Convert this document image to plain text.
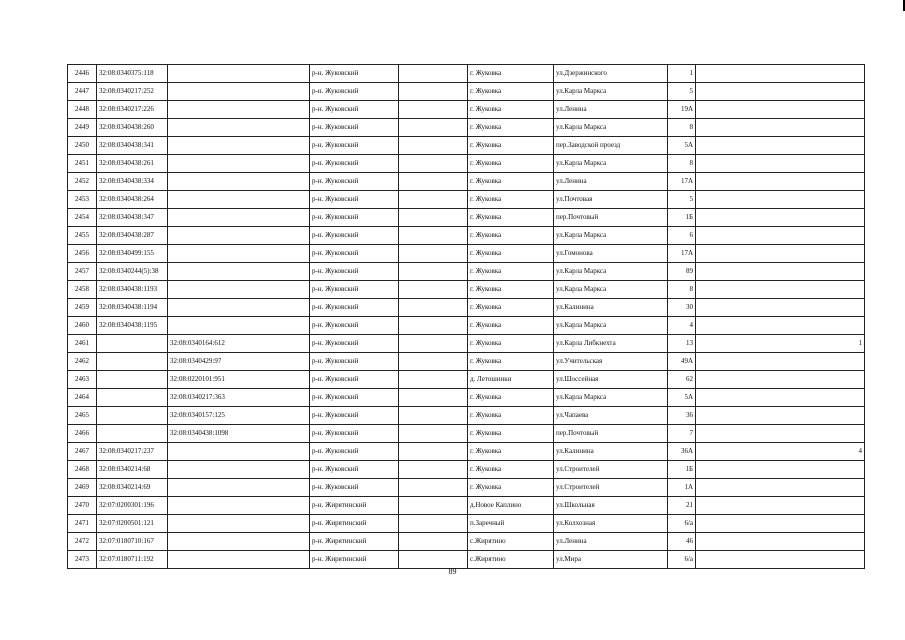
2446	32:08:0340375:118		р-н. Жуковский		г. Жуковка	ул.Дзержинского	1	
2447	32:08:0340217:252		р-н. Жуковский		г. Жуковка	ул.Карла Маркса	5	
2448	32:08:0340217:226		р-н. Жуковский		г. Жуковка	ул.Ленина	19А	
2449	32:08:0340438:260		р-н. Жуковский		г. Жуковка	ул.Карла Маркса	8	
2450	32:08:0340438:341		р-н. Жуковский		г. Жуковка	пер.Заводской проезд	5А	
2451	32:08:0340438:261		р-н. Жуковский		г. Жуковка	ул.Карла Маркса	8	
2452	32:08:0340438:334		р-н. Жуковский		г. Жуковка	ул.Ленина	17А	
2453	32:08:0340438:264		р-н. Жуковский		г. Жуковка	ул.Почтовая	5	
2454	32:08:0340438:347		р-н. Жуковский		г. Жуковка	пер.Почтовый	1Б	
2455	32:08:0340438:287		р-н. Жуковский		г. Жуковка	ул.Карла Маркса	6	
2456	32:08:0340499:155		р-н. Жуковский		г. Жуковка	ул.Гомонова	17А	
2457	32:08:0340244(5):38		р-н. Жуковский		г. Жуковка	ул.Карла Маркса	89	
2458	32:08:0340438:1193		р-н. Жуковский		г. Жуковка	ул.Карла Маркса	8	
2459	32:08:0340438:1194		р-н. Жуковский		г. Жуковка	ул.Калинина	30	
2460	32:08:0340438:1195		р-н. Жуковский		г. Жуковка	ул.Карла Маркса	4	
2461		32:08:0340164:612	р-н. Жуковский		г. Жуковка	ул.Карла Либкнехта	13	1
2462		32:08:0340429:97	р-н. Жуковский		г. Жуковка	ул.Учительская	49А	
2463		32:08:0220101:951	р-н. Жуковский		д. Летошники	ул.Шоссейная	62	
2464		32:08:0340217:363	р-н. Жуковский		г. Жуковка	ул.Карла Маркса	5А	
2465		32:08:0340157:125	р-н. Жуковский		г. Жуковка	ул.Чапаева	36	
2466		32:08:0340438:1098	р-н. Жуковский		г. Жуковка	пер.Почтовый	7	
2467	32:08:0340217:237		р-н. Жуковский		г. Жуковка	ул.Калинина	36А	4
2468	32:08:0340214:68		р-н. Жуковский		г. Жуковка	ул.Строителей	1Б	
2469	32:08:0340214:69		р-н. Жуковский		г. Жуковка	ул.Строителей	1А	
2470	32:07:0200301:196		р-н. Жирятинский		д.Новое Каплино	ул.Школьная	21	
2471	32:07:0200501:121		р-н. Жирятинский		п.Заречный	ул.Колхозная	6/а	
2472	32:07:0180710:167		р-н. Жирятинский		с.Жирятино	ул.Ленина	46	
2473	32:07:0180711:192		р-н. Жирятинский		с.Жирятино	ул.Мира	6/а	
89
